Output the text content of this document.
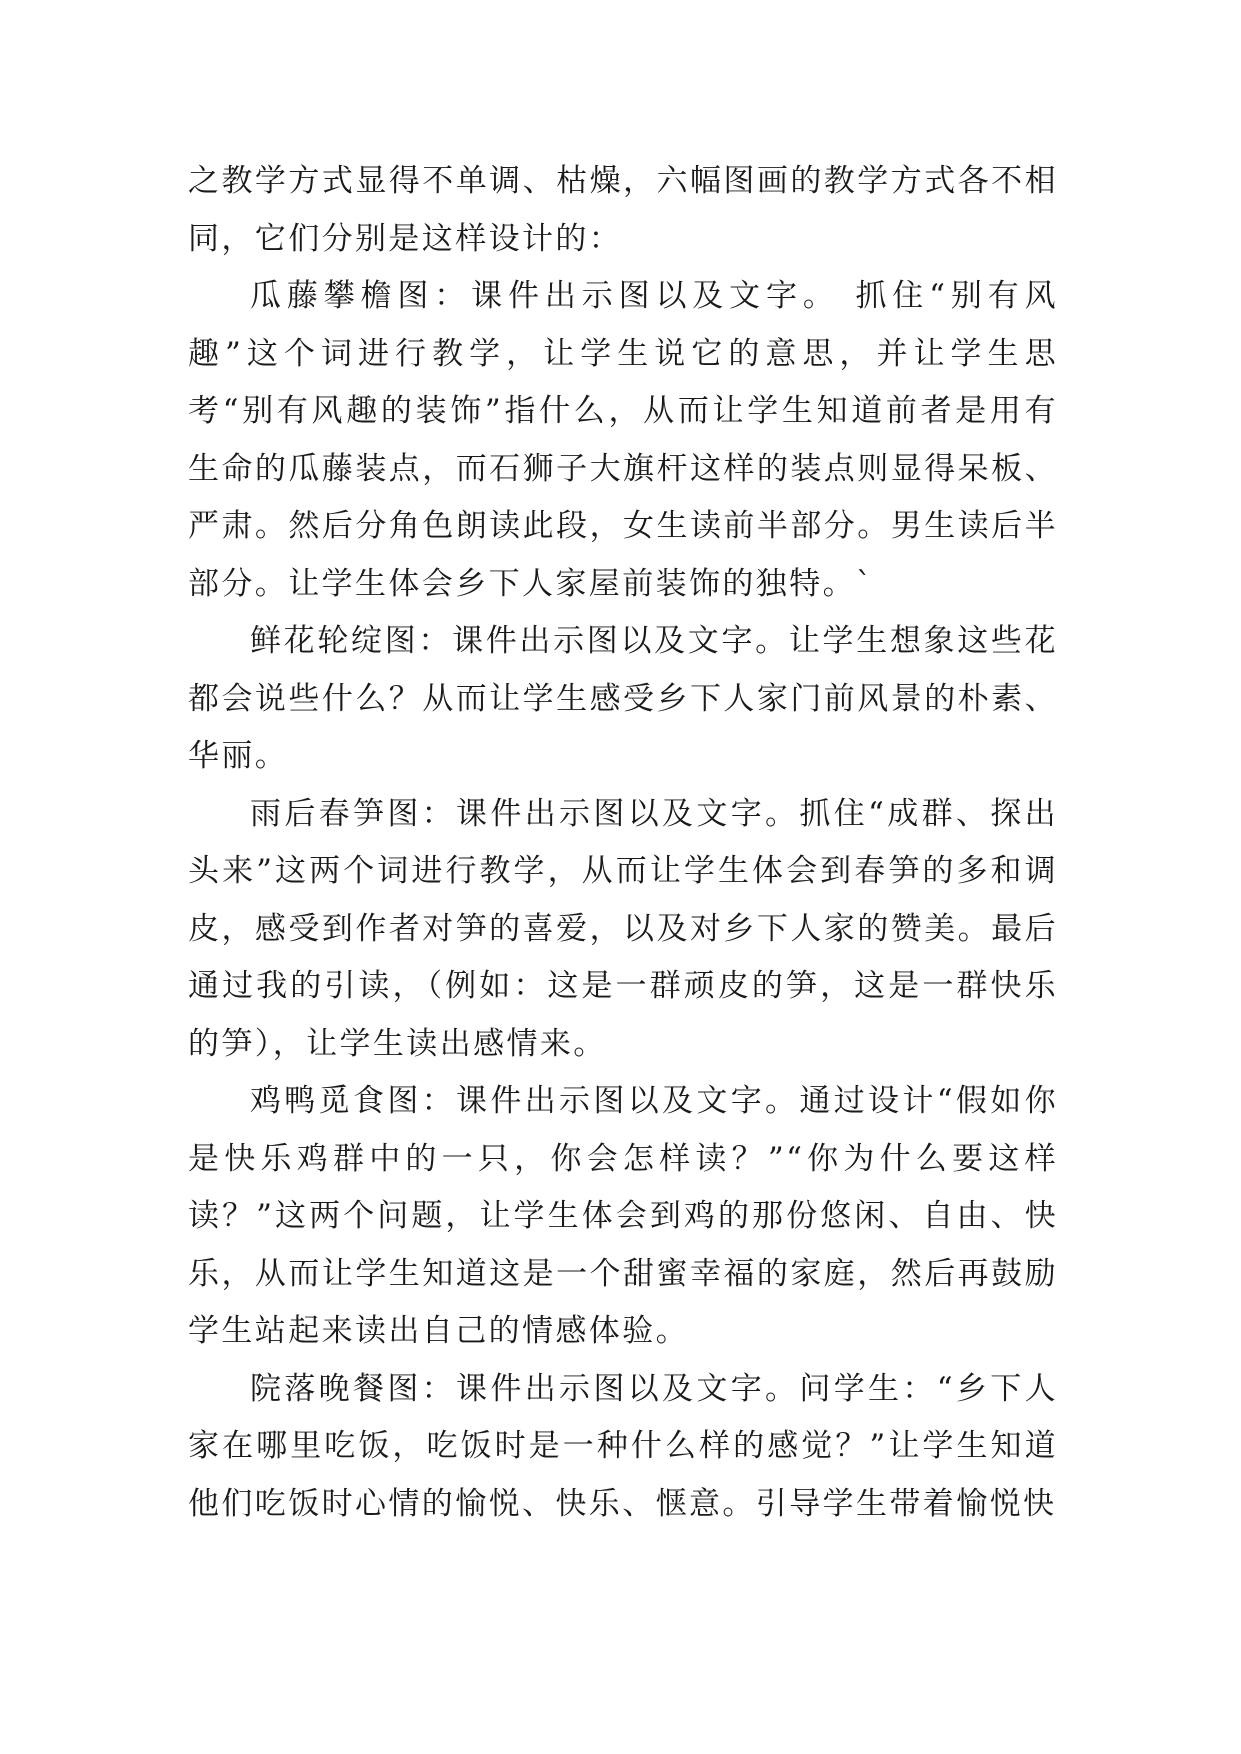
之教学方式显得不单调、枯燥，六幅图画的教学方式各不相同，它们分别是这样设计的：

瓜藤攀檐图：课件出示图以及文字。 抓住“别有风趣”这个词进行教学，让学生说它的意思，并让学生思考“别有风趣的装饰”指什么，从而让学生知道前者是用有生命的瓜藤装点，而石狮子大旗杆这样的装点则显得呆板、严肃。然后分角色朗读此段，女生读前半部分。男生读后半部分。让学生体会乡下人家屋前装饰的独特。`

鲜花轮绽图：课件出示图以及文字。让学生想象这些花都会说些什么？从而让学生感受乡下人家门前风景的朴素、华丽。

雨后春笋图：课件出示图以及文字。抓住“成群、探出头来”这两个词进行教学，从而让学生体会到春笋的多和调皮，感受到作者对笋的喜爱，以及对乡下人家的赞美。最后通过我的引读，（例如：这是一群顽皮的笋，这是一群快乐的笋），让学生读出感情来。

鸡鸭觅食图：课件出示图以及文字。通过设计“假如你是快乐鸡群中的一只，你会怎样读？”“你为什么要这样读？”这两个问题，让学生体会到鸡的那份悠闲、自由、快乐，从而让学生知道这是一个甜蜜幸福的家庭，然后再鼓励学生站起来读出自己的情感体验。

院落晚餐图：课件出示图以及文字。问学生：“乡下人家在哪里吃饭，吃饭时是一种什么样的感觉？”让学生知道他们吃饭时心情的愉悦、快乐、惬意。引导学生带着愉悦快
